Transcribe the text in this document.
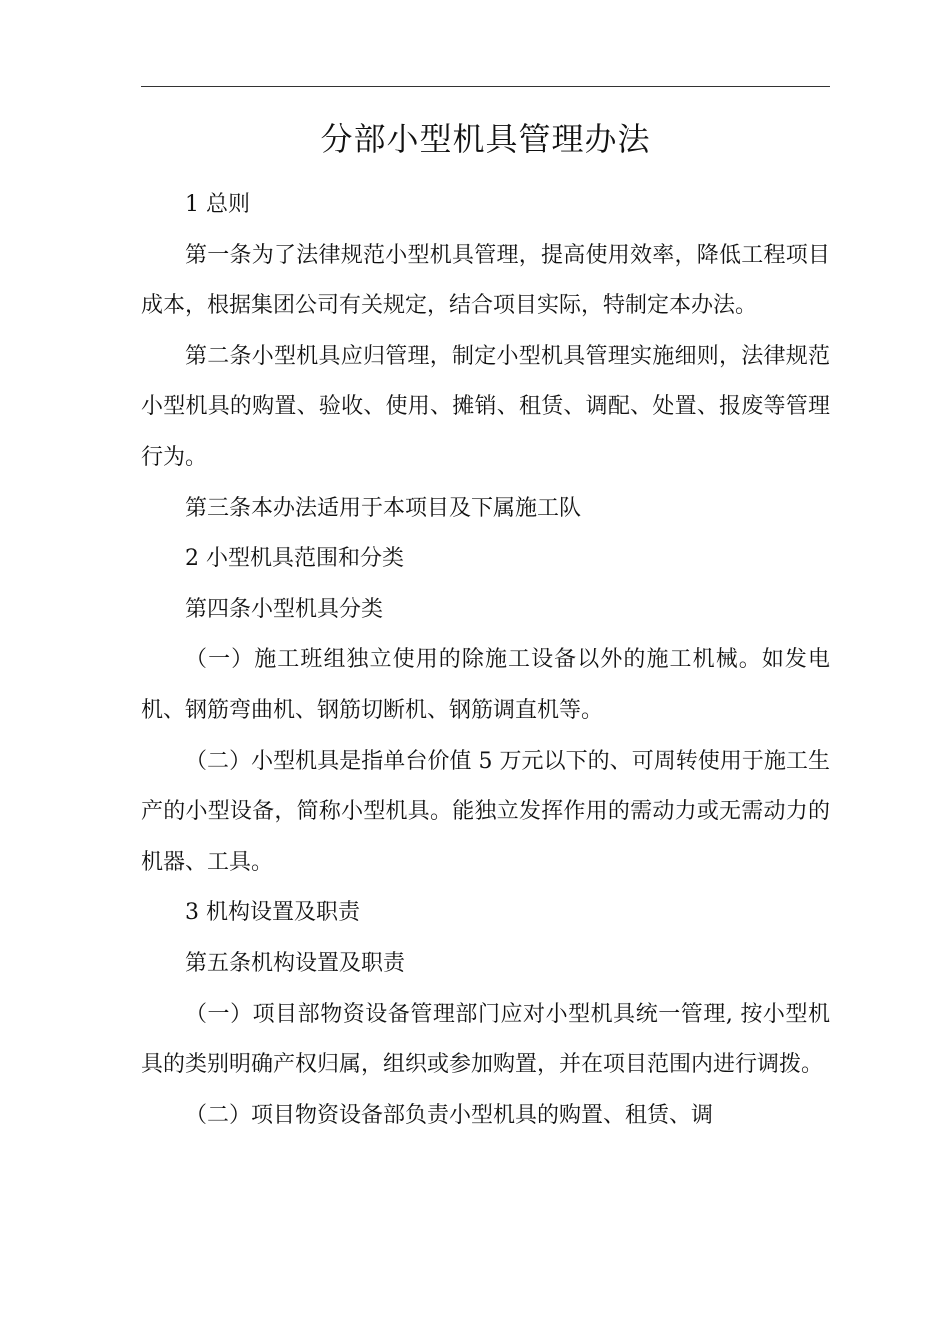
分部小型机具管理办法

1 总则

第一条为了法律规范小型机具管理，提高使用效率，降低工程项目成本，根据集团公司有关规定，结合项目实际，特制定本办法。

第二条小型机具应归管理，制定小型机具管理实施细则，法律规范小型机具的购置、验收、使用、摊销、租赁、调配、处置、报废等管理行为。

第三条本办法适用于本项目及下属施工队

2 小型机具范围和分类

第四条小型机具分类

（一）施工班组独立使用的除施工设备以外的施工机械。如发电机、钢筋弯曲机、钢筋切断机、钢筋调直机等。

（二）小型机具是指单台价值 5 万元以下的、可周转使用于施工生产的小型设备，简称小型机具。能独立发挥作用的需动力或无需动力的机器、工具。

3 机构设置及职责

第五条机构设置及职责

（一）项目部物资设备管理部门应对小型机具统一管理, 按小型机具的类别明确产权归属，组织或参加购置，并在项目范围内进行调拨。

（二）项目物资设备部负责小型机具的购置、租赁、调
